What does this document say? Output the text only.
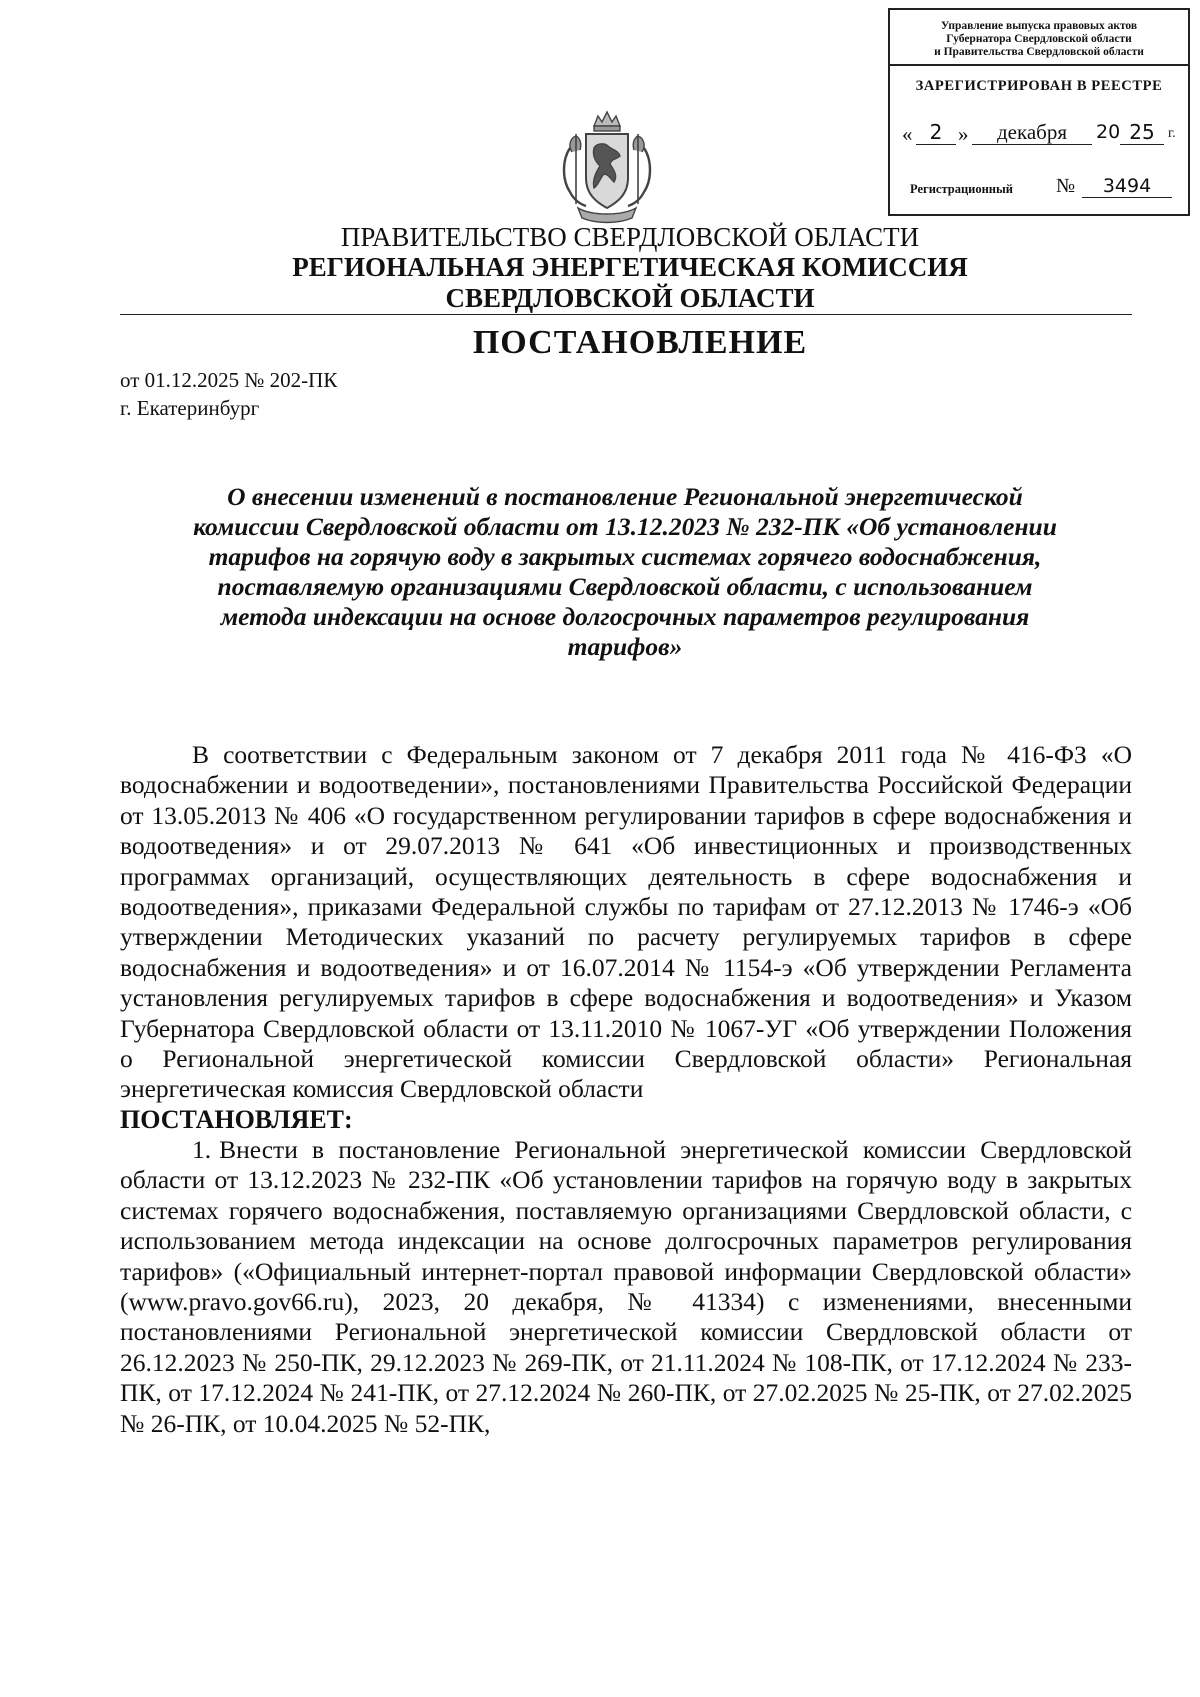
Управление выпуска правовых актов
Губернатора Свердловской области
и Правительства Свердловской области
ЗАРЕГИСТРИРОВАН В РЕЕСТРЕ
« 2 »	декабря	20 25 г.
Регистрационный №	3494
ПРАВИТЕЛЬСТВО СВЕРДЛОВСКОЙ ОБЛАСТИ
РЕГИОНАЛЬНАЯ ЭНЕРГЕТИЧЕСКАЯ КОМИССИЯ
СВЕРДЛОВСКОЙ ОБЛАСТИ
ПОСТАНОВЛЕНИЕ
от 01.12.2025 № 202-ПК
г. Екатеринбург
О внесении изменений в постановление Региональной энергетической
комиссии Свердловской области от 13.12.2023 № 232-ПК «Об установлении
тарифов на горячую воду в закрытых системах горячего водоснабжения,
поставляемую организациями Свердловской области, с использованием
метода индексации на основе долгосрочных параметров регулирования
тарифов»

В соответствии с Федеральным законом от 7 декабря 2011 года № 416-ФЗ «О водоснабжении и водоотведении», постановлениями Правительства Российской Федерации от 13.05.2013 № 406 «О государственном регулировании тарифов в сфере водоснабжения и водоотведения» и от 29.07.2013 № 641 «Об инвестиционных и производственных программах организаций, осуществляющих деятельность в сфере водоснабжения и водоотведения», приказами Федеральной службы по тарифам от 27.12.2013 № 1746-э «Об утверждении Методических указаний по расчету регулируемых тарифов в сфере водоснабжения и водоотведения» и от 16.07.2014 № 1154-э «Об утверждении Регламента установления регулируемых тарифов в сфере водоснабжения и водоотведения» и Указом Губернатора Свердловской области от 13.11.2010 № 1067-УГ «Об утверждении Положения о Региональной энергетической комиссии Свердловской области» Региональная энергетическая комиссия Свердловской области

ПОСТАНОВЛЯЕТ:

1. Внести в постановление Региональной энергетической комиссии Свердловской области от 13.12.2023 № 232-ПК «Об установлении тарифов на горячую воду в закрытых системах горячего водоснабжения, поставляемую организациями Свердловской области, с использованием метода индексации на основе долгосрочных параметров регулирования тарифов» («Официальный интернет-портал правовой информации Свердловской области» (www.pravo.gov66.ru), 2023, 20 декабря, № 41334) с изменениями, внесенными постановлениями Региональной энергетической комиссии Свердловской области от 26.12.2023 № 250-ПК, 29.12.2023 № 269-ПК, от 21.11.2024 № 108-ПК, от 17.12.2024 № 233-ПК, от 17.12.2024 № 241-ПК, от 27.12.2024 № 260-ПК, от 27.02.2025 № 25-ПК, от 27.02.2025 № 26-ПК, от 10.04.2025 № 52-ПК,
